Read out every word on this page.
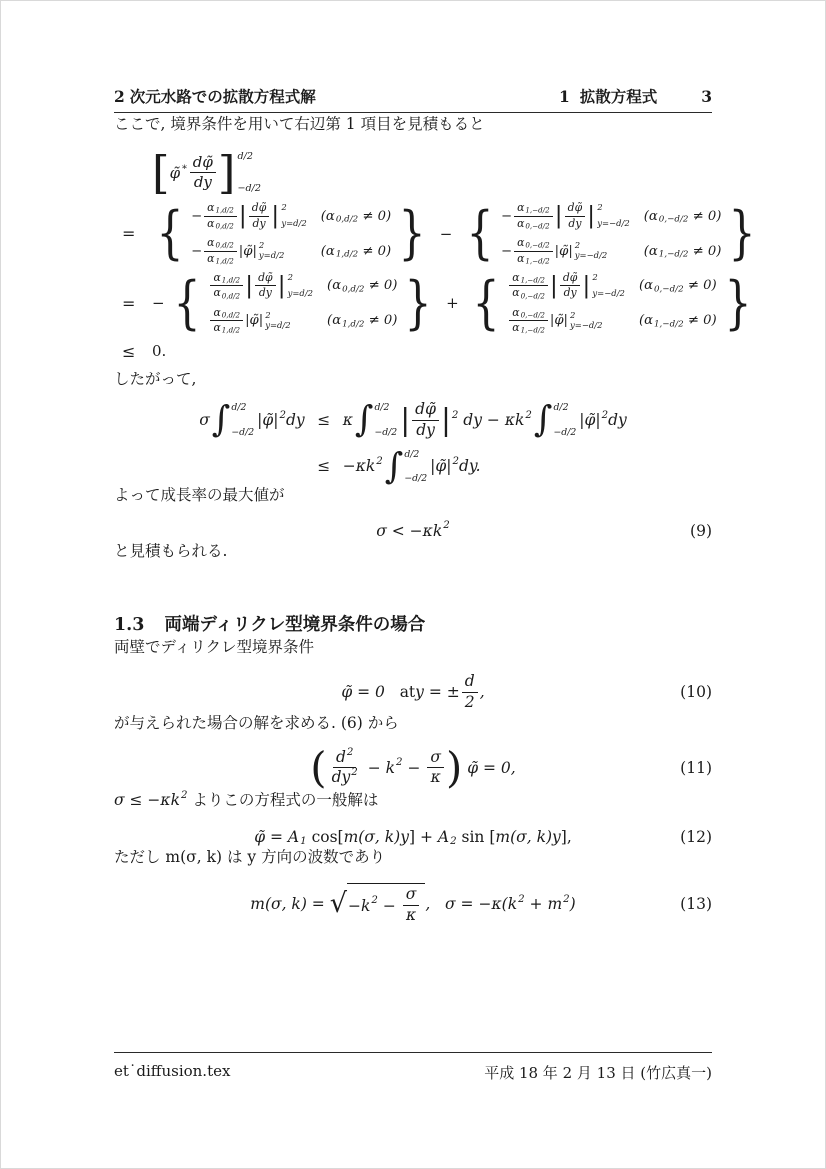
2 次元水路での拡散方程式解	1
拡散方程式	3

ここで, 境界条件を用いて右辺第 1 項目を見積もると

[ φ̃ ∗ $\frac{d\varphĩ}{dy}$ ] d/2
−d/2
= { − $\frac{\alpha 1,d/2}{\alpha 0,d/2}$ | $\frac{d\varphĩ}{dy}$ | 2
y=d/2 ( α 0,d/2 ≠ 0)
− $\frac{\alpha 0,d/2}{\alpha 1,d/2}$ |φ̃| 2
y=d/2	( α 1,d/2 ≠ 0) } − { − $\frac{\alpha 1,-d/2}{\alpha 0,-d/2}$ | $\frac{d\varphĩ}{dy}$ | 2
y=−d/2 ( α 0,−d/2 ≠ 0)
− $\frac{\alpha 0,-d/2}{\alpha 1,-d/2}$ |φ̃| 2
y=−d/2	( α 1,−d/2 ≠ 0) }
=	− { $\frac{\alpha 1,d/2}{\alpha 0,d/2}$ | $\frac{d\varphĩ}{dy}$ | 2
y=d/2 ( α 0,d/2 ≠ 0)
$\frac{\alpha 0,d/2}{\alpha 1,d/2}$ |φ̃| 2
y=d/2	( α 1,d/2 ≠ 0) } + { $\frac{\alpha 1,-d/2}{\alpha 0,-d/2}$ | $\frac{d\varphĩ}{dy}$ | 2
y=−d/2 ( α 0,−d/2 ≠ 0)
$\frac{\alpha 0,-d/2}{\alpha 1,-d/2}$ |φ̃| 2
y=−d/2	( α 1,−d/2 ≠ 0) }
≤	0.

したがって,

σ ∫ d/2
−d/2
|φ̃| 2 dy ≤ κ ∫ d/2
−d/2 | $\frac{d\varphĩ}{dy}$ | 2 dy − κk 2 ∫ d/2
−d/2
|φ̃| 2 dy
≤ − κk 2 ∫ d/2
−d/2
|φ̃| 2 dy.

よって成長率の最大値が

σ < − κk 2	(9)

と見積もられる.

1.3 両端ディリクレ型境界条件の場合

両壁でディリクレ型境界条件

φ̃ = 0 at y = ± $\frac{d}{2}$ ,	(10)

が与えられた場合の解を求める. (6) から

( $\frac{d 2}{dy 2} - k$ $2 - \frac{\sigma}{\kappa}$ ) φ̃ = 0,	(11)

σ ≤ − κk 2 よりこの方程式の一般解は

φ̃ = A 1 cos[ m(σ, k)y ] + A 2 sin [ m(σ, k)y ],	(12)

ただし m(σ, k) は y 方向の波数であり

m(σ, k) = √ −k $2 - \frac{\sigma}{\kappa}$ ,   σ = −κ( k 2 + m 2 )	(13)
et˙diffusion.tex	平成 18 年 2 月 13 日 (竹広真一)
